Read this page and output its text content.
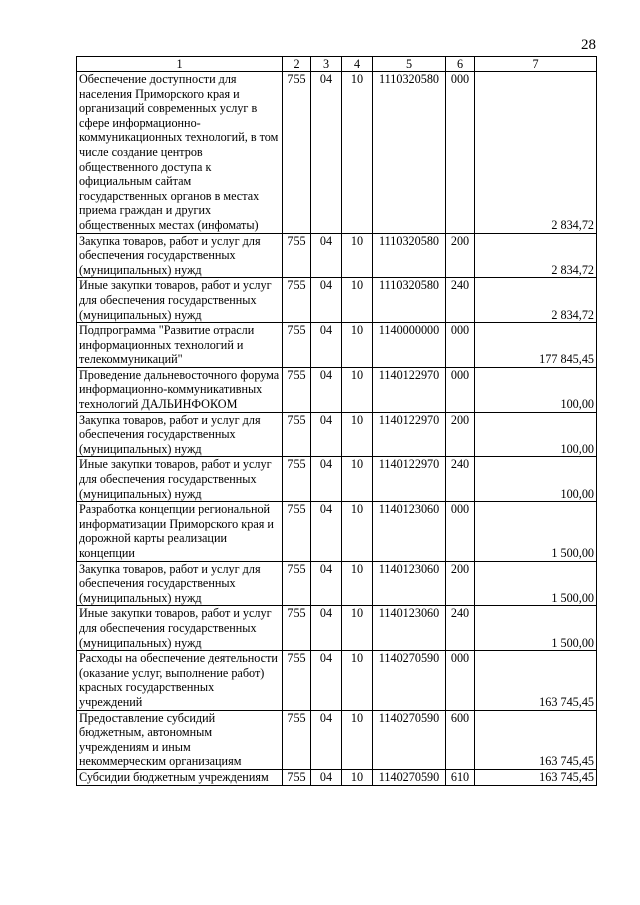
28
1	2	3	4	5	6	7
Обеспечение доступности для населения Приморского края и организаций современных услуг в сфере информационно-коммуникационных технологий, в том числе создание центров общественного доступа к официальным сайтам государственных органов в местах приема граждан и других общественных местах (инфоматы)	755	04	10	1110320580	000	2 834,72
Закупка товаров, работ и услуг для обеспечения государственных (муниципальных) нужд	755	04	10	1110320580	200	2 834,72
Иные закупки товаров, работ и услуг для обеспечения государственных (муниципальных) нужд	755	04	10	1110320580	240	2 834,72
Подпрограмма "Развитие отрасли информационных технологий и телекоммуникаций"	755	04	10	1140000000	000	177 845,45
Проведение дальневосточного форума информационно-коммуникативных технологий ДАЛЬИНФОКОМ	755	04	10	1140122970	000	100,00
Закупка товаров, работ и услуг для обеспечения государственных (муниципальных) нужд	755	04	10	1140122970	200	100,00
Иные закупки товаров, работ и услуг для обеспечения государственных (муниципальных) нужд	755	04	10	1140122970	240	100,00
Разработка концепции региональной информатизации Приморского края и дорожной карты реализации концепции	755	04	10	1140123060	000	1 500,00
Закупка товаров, работ и услуг для обеспечения государственных (муниципальных) нужд	755	04	10	1140123060	200	1 500,00
Иные закупки товаров, работ и услуг для обеспечения государственных (муниципальных) нужд	755	04	10	1140123060	240	1 500,00
Расходы на обеспечение деятельности (оказание услуг, выполнение работ) красных государственных учреждений	755	04	10	1140270590	000	163 745,45
Предоставление субсидий бюджетным, автономным учреждениям и иным некоммерческим организациям	755	04	10	1140270590	600	163 745,45
Субсидии бюджетным учреждениям	755	04	10	1140270590	610	163 745,45
